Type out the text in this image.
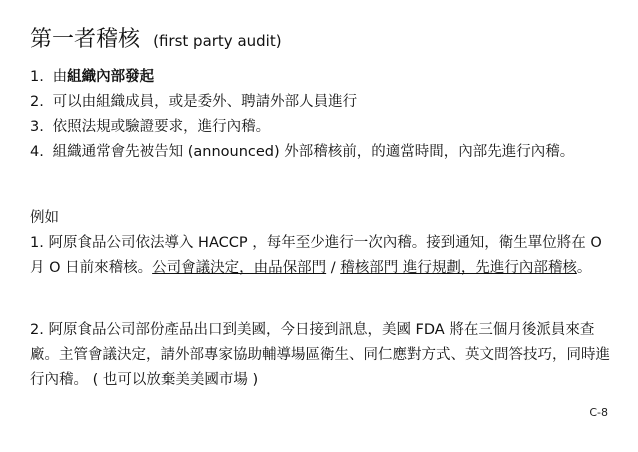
第一者稽核 (first party audit)

1. 由組織內部發起

2. 可以由組織成員，或是委外、聘請外部人員進行

3. 依照法規或驗證要求，進行內稽。

4. 組織通常會先被告知 (announced) 外部稽核前，的適當時間，內部先進行內稽。

例如
1. 阿原食品公司依法導入 HACCP ，每年至少進行一次內稽。接到通知，衛生單位將在 O 月 O 日前來稽核。公司會議決定，由品保部門 / 稽核部門 進行規劃，先進行內部稽核。
2. 阿原食品公司部份產品出口到美國，今日接到訊息，美國 FDA 將在三個月後派員來查廠。主管會議決定，請外部專家協助輔導場區衛生、同仁應對方式、英文問答技巧，同時進行內稽。 ( 也可以放棄美美國市場 )
C-8
